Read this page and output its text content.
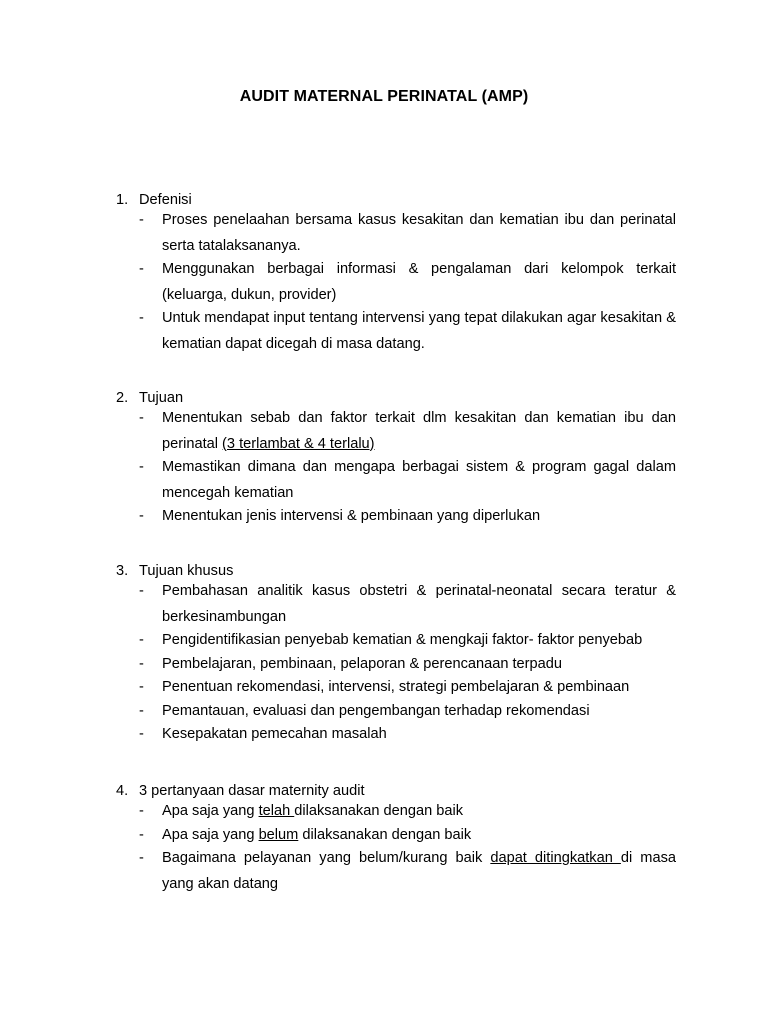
AUDIT MATERNAL PERINATAL (AMP)
1. Defenisi
- Proses penelaahan bersama kasus kesakitan dan kematian ibu dan perinatal serta tatalaksananya.
- Menggunakan berbagai informasi & pengalaman dari kelompok terkait (keluarga, dukun, provider)
- Untuk mendapat input tentang intervensi yang tepat dilakukan agar kesakitan & kematian dapat dicegah di masa datang.
2. Tujuan
- Menentukan sebab dan faktor terkait dlm kesakitan dan kematian ibu dan perinatal (3 terlambat & 4 terlalu)
- Memastikan dimana dan mengapa berbagai sistem & program gagal dalam mencegah kematian
- Menentukan jenis intervensi & pembinaan yang diperlukan
3. Tujuan khusus
- Pembahasan analitik kasus obstetri & perinatal-neonatal secara teratur & berkesinambungan
- Pengidentifikasian penyebab kematian & mengkaji faktor- faktor penyebab
- Pembelajaran, pembinaan, pelaporan & perencanaan terpadu
- Penentuan rekomendasi, intervensi, strategi pembelajaran & pembinaan
- Pemantauan, evaluasi dan pengembangan terhadap rekomendasi
- Kesepakatan pemecahan masalah
4. 3 pertanyaan dasar maternity audit
- Apa saja yang telah dilaksanakan dengan baik
- Apa saja yang belum dilaksanakan dengan baik
- Bagaimana pelayanan yang belum/kurang baik dapat ditingkatkan di masa yang akan datang
